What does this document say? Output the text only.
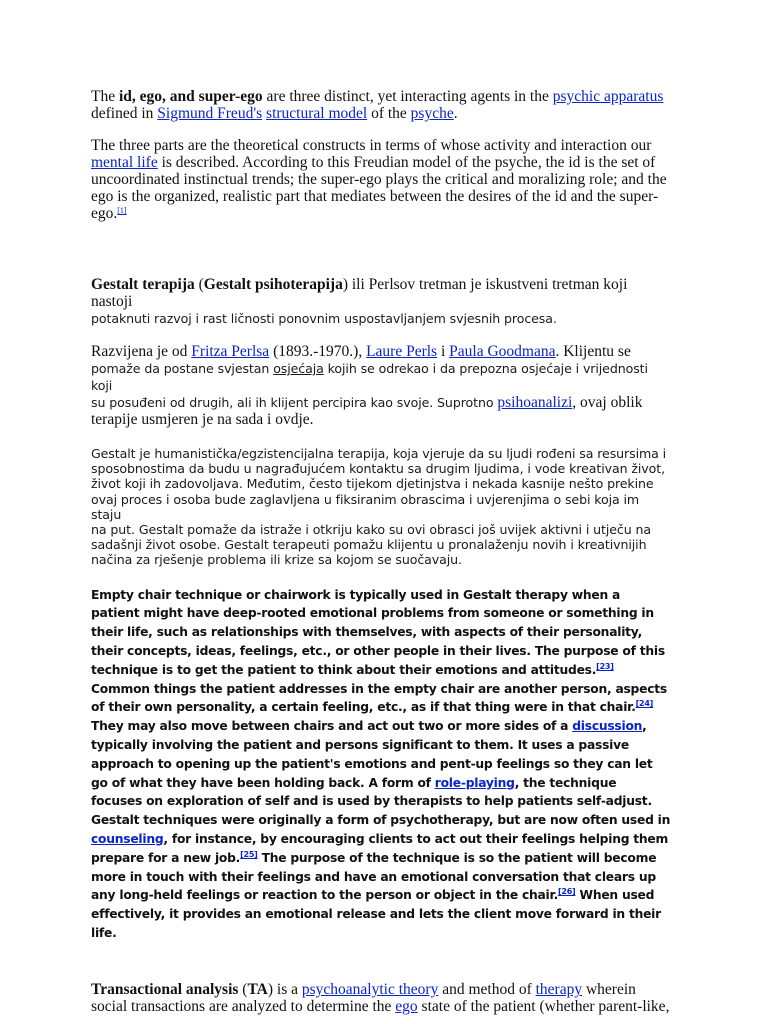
The id, ego, and super-ego are three distinct, yet interacting agents in the psychic apparatus defined in Sigmund Freud's structural model of the psyche.

The three parts are the theoretical constructs in terms of whose activity and interaction our mental life is described. According to this Freudian model of the psyche, the id is the set of uncoordinated instinctual trends; the super-ego plays the critical and moralizing role; and the ego is the organized, realistic part that mediates between the desires of the id and the super-ego.[1]

Gestalt terapija (Gestalt psihoterapija) ili Perlsov tretman je iskustveni tretman koji nastoji
potaknuti razvoj i rast ličnosti ponovnim uspostavljanjem svjesnih procesa.

Razvijena je od Fritza Perlsa (1893.-1970.), Laure Perls i Paula Goodmana. Klijentu se
pomaže da postane svjestan osjećaja kojih se odrekao i da prepozna osjećaje i vrijednosti koji
su posuđeni od drugih, ali ih klijent percipira kao svoje. Suprotno psihoanalizi, ovaj oblik
terapije usmjeren je na sada i ovdje.

Gestalt je humanistička/egzistencijalna terapija, koja vjeruje da su ljudi rođeni sa resursima i
sposobnostima da budu u nagrađujućem kontaktu sa drugim ljudima, i vode kreativan život,
život koji ih zadovoljava. Međutim, često tijekom djetinjstva i nekada kasnije nešto prekine
ovaj proces i osoba bude zaglavljena u fiksiranim obrascima i uvjerenjima o sebi koja im staju
na put. Gestalt pomaže da istraže i otkriju kako su ovi obrasci još uvijek aktivni i utječu na
sadašnji život osobe. Gestalt terapeuti pomažu klijentu u pronalaženju novih i kreativnijih
načina za rješenje problema ili krize sa kojom se suočavaju.

Empty chair technique or chairwork is typically used in Gestalt therapy when a patient might have deep-rooted emotional problems from someone or something in their life, such as relationships with themselves, with aspects of their personality, their concepts, ideas, feelings, etc., or other people in their lives. The purpose of this technique is to get the patient to think about their emotions and attitudes.[23] Common things the patient addresses in the empty chair are another person, aspects of their own personality, a certain feeling, etc., as if that thing were in that chair.[24] They may also move between chairs and act out two or more sides of a discussion, typically involving the patient and persons significant to them. It uses a passive approach to opening up the patient's emotions and pent-up feelings so they can let go of what they have been holding back. A form of role-playing, the technique focuses on exploration of self and is used by therapists to help patients self-adjust. Gestalt techniques were originally a form of psychotherapy, but are now often used in counseling, for instance, by encouraging clients to act out their feelings helping them prepare for a new job.[25] The purpose of the technique is so the patient will become more in touch with their feelings and have an emotional conversation that clears up any long-held feelings or reaction to the person or object in the chair.[26] When used effectively, it provides an emotional release and lets the client move forward in their life.

Transactional analysis (TA) is a psychoanalytic theory and method of therapy wherein social transactions are analyzed to determine the ego state of the patient (whether parent-like,
